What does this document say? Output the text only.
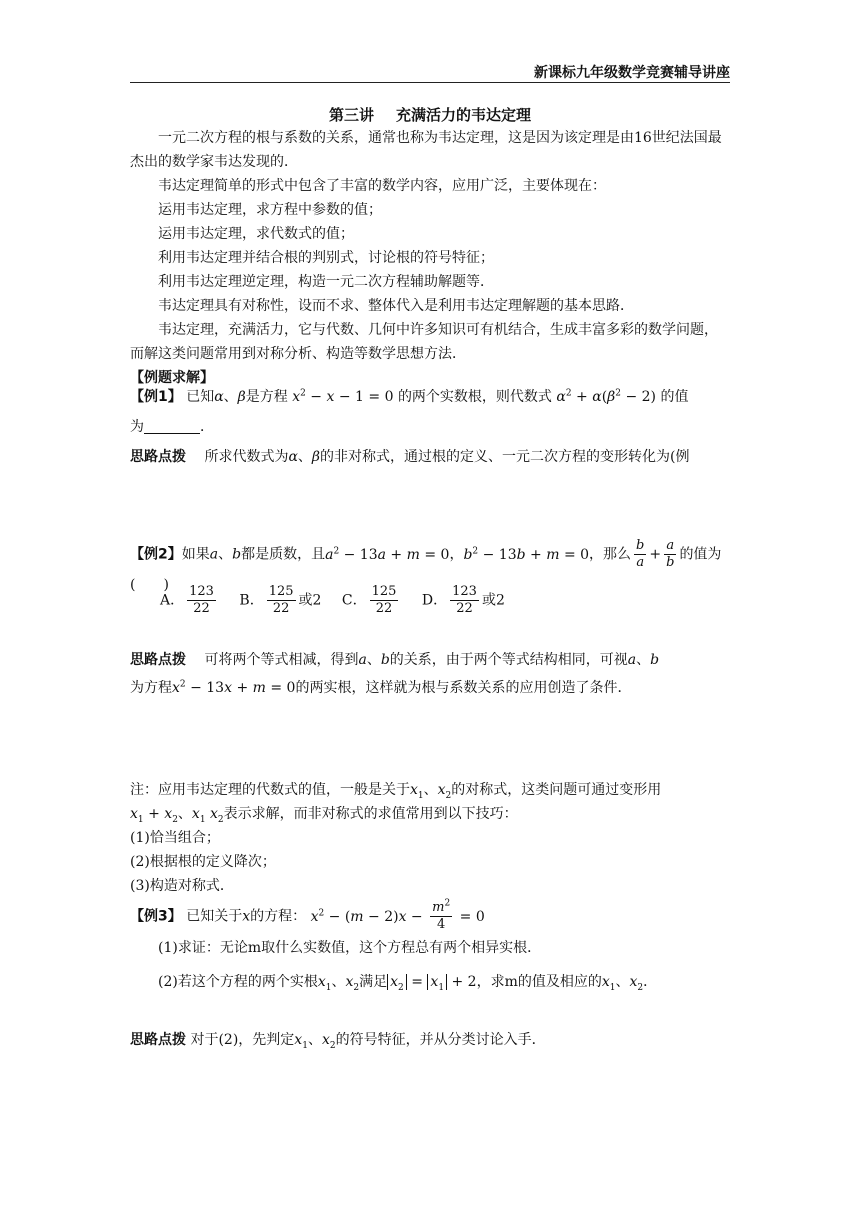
新课标九年级数学竞赛辅导讲座
第三讲 充满活力的韦达定理
一元二次方程的根与系数的关系，通常也称为韦达定理，这是因为该定理是由16世纪法国最杰出的数学家韦达发现的．
韦达定理简单的形式中包含了丰富的数学内容，应用广泛，主要体现在：
运用韦达定理，求方程中参数的值；
运用韦达定理，求代数式的值；
利用韦达定理并结合根的判别式，讨论根的符号特征；
利用韦达定理逆定理，构造一元二次方程辅助解题等．
韦达定理具有对称性，设而不求、整体代入是利用韦达定理解题的基本思路．
韦达定理，充满活力，它与代数、几何中许多知识可有机结合，生成丰富多彩的数学问题，而解这类问题常用到对称分析、构造等数学思想方法．
【例题求解】
【例1】 已知α、β是方程 $x^2 - x - 1 = 0$ 的两个实数根，则代数式 $\alpha^2 + \alpha(\beta^2 - 2)$ 的值
为	．
思路点拨　 所求代数式为α、β的非对称式，通过根的定义、一元二次方程的变形转化为(例
【例2】如果a、b都是质数，且$a^2 - 13a + m = 0$，$b^2 - 13b + m = 0$，那么 $\frac{b}{a} + \frac{a}{b}$ 的值为(　　)
A． $\frac{123}{22}$ B． $\frac{125}{22}$ 或2 C． $\frac{125}{22}$ D． $\frac{123}{22}$ 或2
思路点拨　 可将两个等式相减，得到a、b的关系，由于两个等式结构相同，可视a、b
为方程$x^2 - 13x + m = 0$的两实根，这样就为根与系数关系的应用创造了条件．
注：应用韦达定理的代数式的值，一般是关于$x_1$、$x_2$的对称式，这类问题可通过变形用
$x_1 + x_2$、$x_1$ $x_2$表示求解，而非对称式的求值常用到以下技巧：
(1)恰当组合；
(2)根据根的定义降次；
(3)构造对称式．
【例3】 已知关于x的方程： $x^2 - (m - 2)x - \frac{m^2}{4} = 0$
(1)求证：无论m取什么实数值，这个方程总有两个相异实根．
(2)若这个方程的两个实根$x_1$、$x_2$满足 $x_2 = x_1 + 2$，求m的值及相应的$x_1$、$x_2$．
思路点拨 对于(2)，先判定$x_1$、$x_2$的符号特征，并从分类讨论入手．
